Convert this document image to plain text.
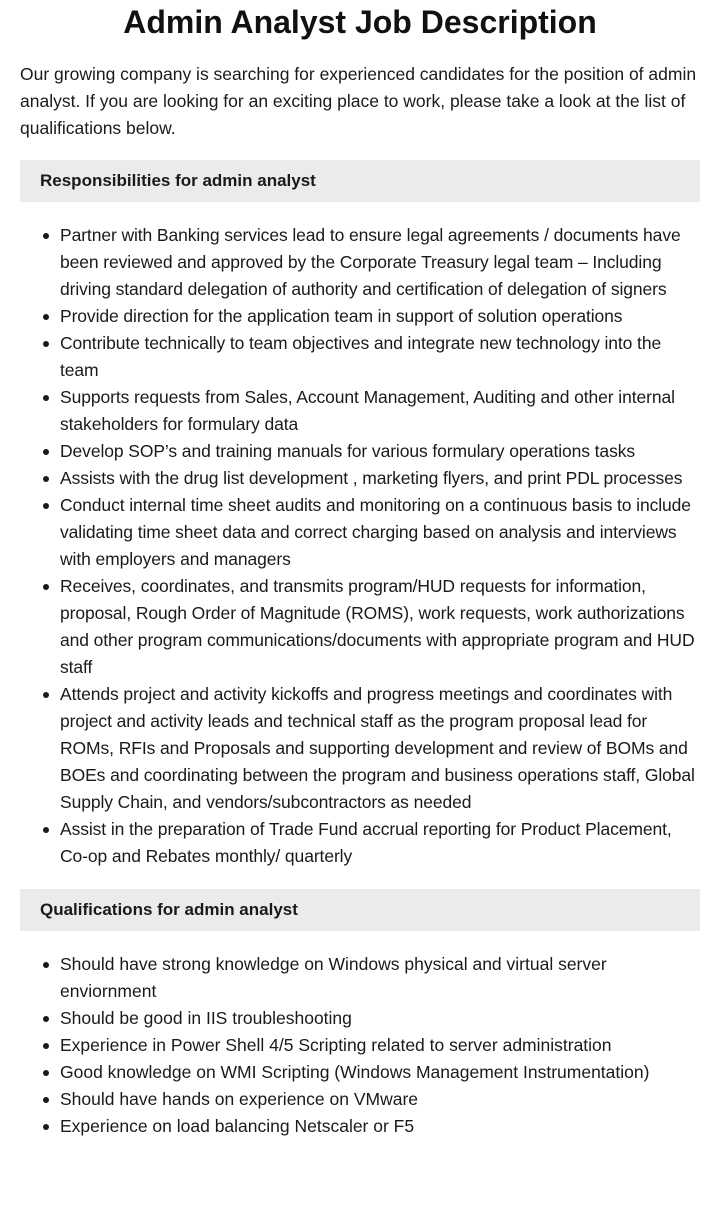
Admin Analyst Job Description

Our growing company is searching for experienced candidates for the position of admin analyst. If you are looking for an exciting place to work, please take a look at the list of qualifications below.

Responsibilities for admin analyst
Partner with Banking services lead to ensure legal agreements / documents have been reviewed and approved by the Corporate Treasury legal team – Including driving standard delegation of authority and certification of delegation of signers
Provide direction for the application team in support of solution operations
Contribute technically to team objectives and integrate new technology into the team
Supports requests from Sales, Account Management, Auditing and other internal stakeholders for formulary data
Develop SOP’s and training manuals for various formulary operations tasks
Assists with the drug list development , marketing flyers, and print PDL processes
Conduct internal time sheet audits and monitoring on a continuous basis to include validating time sheet data and correct charging based on analysis and interviews with employers and managers
Receives, coordinates, and transmits program/HUD requests for information, proposal, Rough Order of Magnitude (ROMS), work requests, work authorizations and other program communications/documents with appropriate program and HUD staff
Attends project and activity kickoffs and progress meetings and coordinates with project and activity leads and technical staff as the program proposal lead for ROMs, RFIs and Proposals and supporting development and review of BOMs and BOEs and coordinating between the program and business operations staff, Global Supply Chain, and vendors/subcontractors as needed
Assist in the preparation of Trade Fund accrual reporting for Product Placement, Co-op and Rebates monthly/ quarterly
Qualifications for admin analyst
Should have strong knowledge on Windows physical and virtual server enviornment
Should be good in IIS troubleshooting
Experience in Power Shell 4/5 Scripting related to server administration
Good knowledge on WMI Scripting (Windows Management Instrumentation)
Should have hands on experience on VMware
Experience on load balancing Netscaler or F5
